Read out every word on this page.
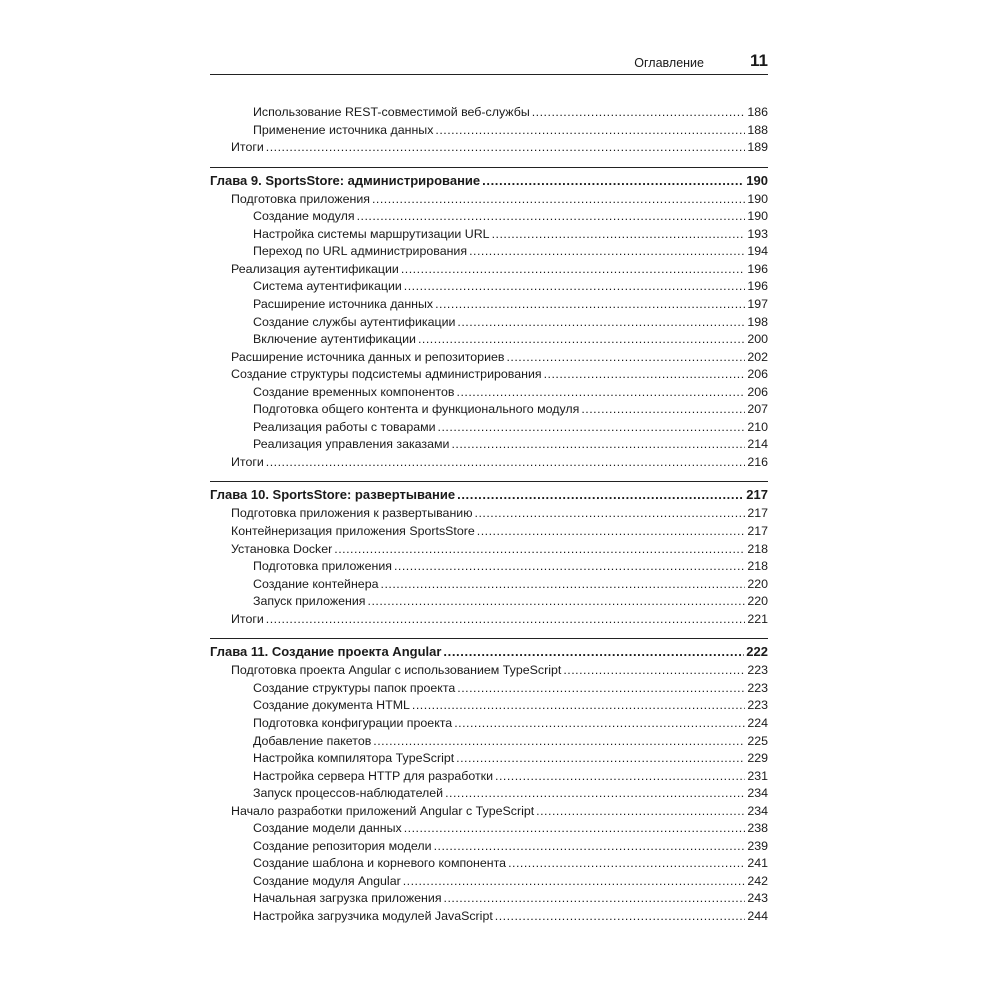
Оглавление	11
Использование REST-совместимой веб-службы .....	186
Применение источника данных .....	188
Итоги .....	189
Глава 9. SportsStore: администрирование .....	190
Подготовка приложения .....	190
Создание модуля .....	190
Настройка системы маршрутизации URL .....	193
Переход по URL администрирования .....	194
Реализация аутентификации .....	196
Система аутентификации .....	196
Расширение источника данных .....	197
Создание службы аутентификации .....	198
Включение аутентификации .....	200
Расширение источника данных и репозиториев .....	202
Создание структуры подсистемы администрирования .....	206
Создание временных компонентов .....	206
Подготовка общего контента и функционального модуля .....	207
Реализация работы с товарами .....	210
Реализация управления заказами .....	214
Итоги .....	216
Глава 10. SportsStore: развертывание .....	217
Подготовка приложения к развертыванию .....	217
Контейнеризация приложения SportsStore .....	217
Установка Docker .....	218
Подготовка приложения .....	218
Создание контейнера .....	220
Запуск приложения .....	220
Итоги .....	221
Глава 11. Создание проекта Angular .....	222
Подготовка проекта Angular с использованием TypeScript .....	223
Создание структуры папок проекта .....	223
Создание документа HTML .....	223
Подготовка конфигурации проекта .....	224
Добавление пакетов .....	225
Настройка компилятора TypeScript .....	229
Настройка сервера HTTP для разработки .....	231
Запуск процессов-наблюдателей .....	234
Начало разработки приложений Angular с TypeScript .....	234
Создание модели данных .....	238
Создание репозитория модели .....	239
Создание шаблона и корневого компонента .....	241
Создание модуля Angular .....	242
Начальная загрузка приложения .....	243
Настройка загрузчика модулей JavaScript .....	244
